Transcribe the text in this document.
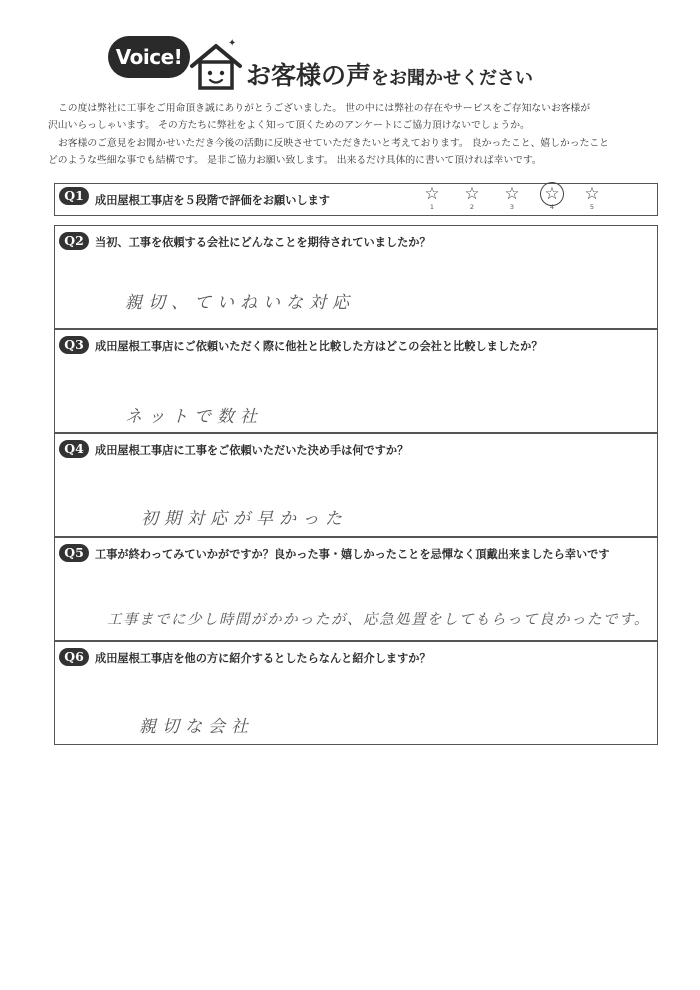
Voice!
✦
お客様の声をお聞かせください

この度は弊社に工事をご用命頂き誠にありがとうございました。 世の中には弊社の存在やサービスをご存知ないお客様が

沢山いらっしゃいます。 その方たちに弊社をよく知って頂くためのアンケートにご協力頂けないでしょうか。

お客様のご意見をお聞かせいただき今後の活動に反映させていただきたいと考えております。 良かったこと、嬉しかったこと

どのような些細な事でも結構です。 是非ご協力お願い致します。 出来るだけ具体的に書いて頂ければ幸いです。

Q1	成田屋根工事店を５段階で評価をお願いします	☆
1
☆
2
☆
3
☆
4
☆
5
Q2	当初、工事を依頼する会社にどんなことを期待されていましたか？
親切、ていねいな対応
Q3	成田屋根工事店にご依頼いただく際に他社と比較した方はどこの会社と比較しましたか？
ネットで数社
Q4	成田屋根工事店に工事をご依頼いただいた決め手は何ですか？
初期対応が早かった
Q5	工事が終わってみていかがですか？良かった事・嬉しかったことを忌憚なく頂戴出来ましたら幸いです
工事までに少し時間がかかったが、応急処置をしてもらって良かったです。
Q6	成田屋根工事店を他の方に紹介するとしたらなんと紹介しますか？
親切な会社
